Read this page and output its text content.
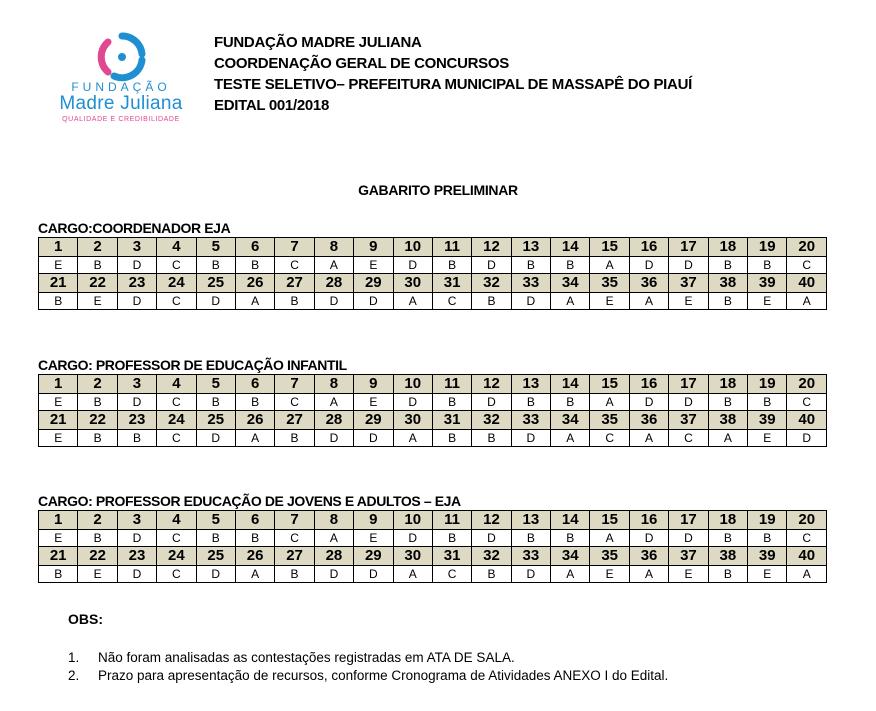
FUNDAÇÃO
Madre Juliana
QUALIDADE E CREDIBILIDADE
FUNDAÇÃO MADRE JULIANA
COORDENAÇÃO GERAL DE CONCURSOS
TESTE SELETIVO– PREFEITURA MUNICIPAL DE MASSAPÊ DO PIAUÍ
EDITAL 001/2018
GABARITO PRELIMINAR
CARGO:COORDENADOR EJA
1	2	3	4	5	6	7	8	9	10	11	12	13	14	15	16	17	18	19	20
E	B	D	C	B	B	C	A	E	D	B	D	B	B	A	D	D	B	B	C
21	22	23	24	25	26	27	28	29	30	31	32	33	34	35	36	37	38	39	40
B	E	D	C	D	A	B	D	D	A	C	B	D	A	E	A	E	B	E	A
CARGO: PROFESSOR DE EDUCAÇÃO INFANTIL
1	2	3	4	5	6	7	8	9	10	11	12	13	14	15	16	17	18	19	20
E	B	D	C	B	B	C	A	E	D	B	D	B	B	A	D	D	B	B	C
21	22	23	24	25	26	27	28	29	30	31	32	33	34	35	36	37	38	39	40
E	B	B	C	D	A	B	D	D	A	B	B	D	A	C	A	C	A	E	D
CARGO: PROFESSOR EDUCAÇÃO DE JOVENS E ADULTOS – EJA
1	2	3	4	5	6	7	8	9	10	11	12	13	14	15	16	17	18	19	20
E	B	D	C	B	B	C	A	E	D	B	D	B	B	A	D	D	B	B	C
21	22	23	24	25	26	27	28	29	30	31	32	33	34	35	36	37	38	39	40
B	E	D	C	D	A	B	D	D	A	C	B	D	A	E	A	E	B	E	A
OBS:
1. Não foram analisadas as contestações registradas em ATA DE SALA.
2. Prazo para apresentação de recursos, conforme Cronograma de Atividades ANEXO I do Edital.
